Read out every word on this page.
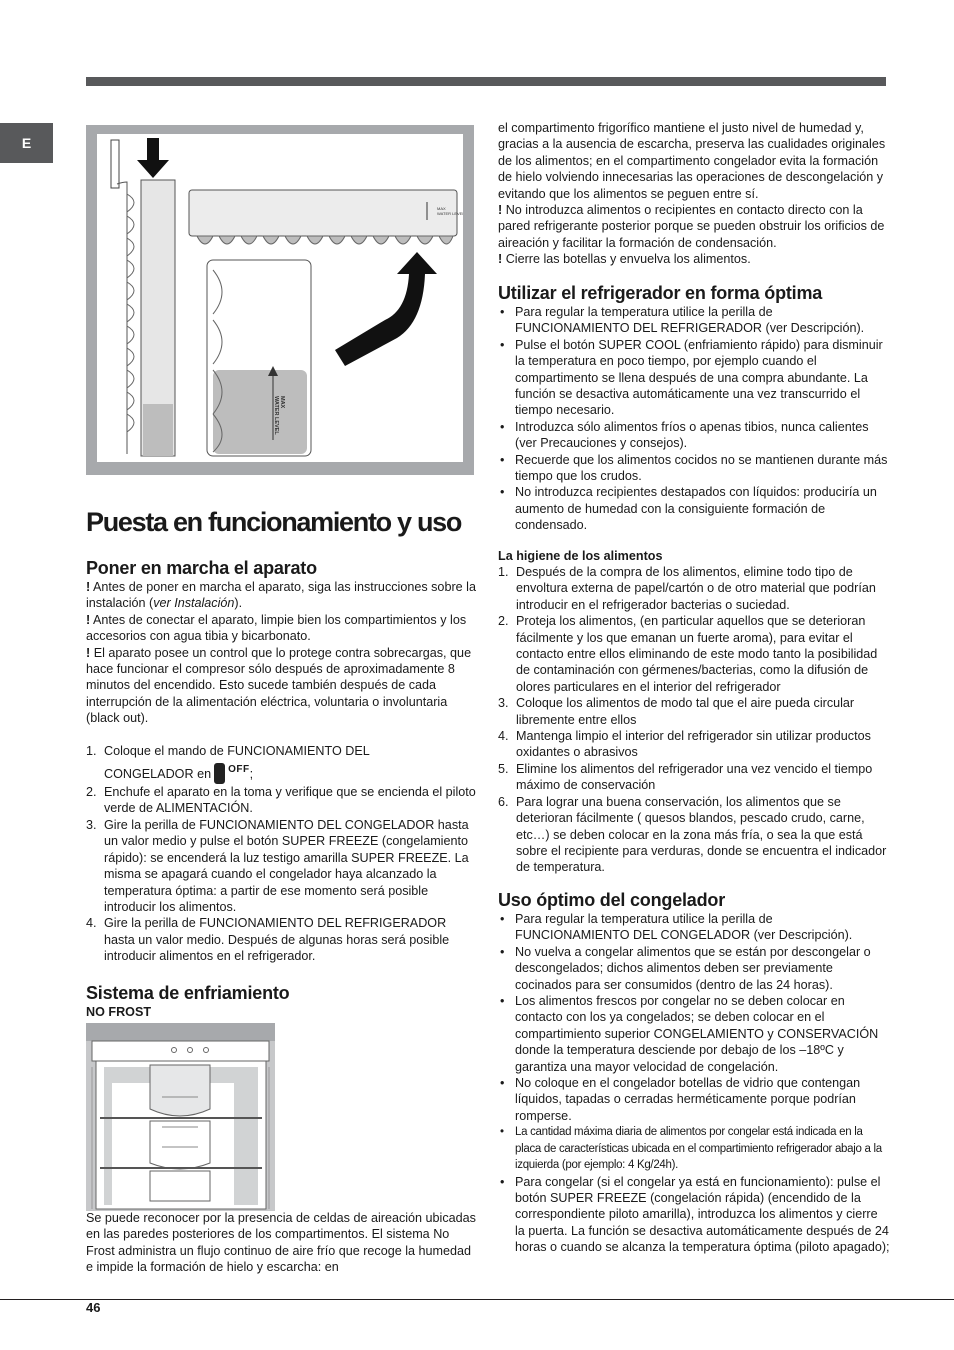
E
MAX
WATER LEVEL
MAX
WATER LEVEL
Puesta en funcionamiento y uso
Poner en marcha el aparato

! Antes de poner en marcha el aparato, siga las instrucciones sobre la instalación (ver Instalación).

! Antes de conectar el aparato, limpie bien los compartimientos y los accesorios con agua tibia y bicarbonato.

! El aparato posee un control que lo protege contra sobrecargas, que hace funcionar el compresor sólo después de aproximadamente 8 minutos del encendido. Esto sucede también después de cada interrupción de la alimentación eléctrica, voluntaria o involuntaria (black out).

1. Coloque el mando de FUNCIONAMIENTO DEL
CONGELADOR en $^{OFF}$;
2. Enchufe el aparato en la toma y verifique que se encienda el piloto verde de ALIMENTACIÓN.
3. Gire la perilla de FUNCIONAMIENTO DEL CONGELADOR hasta un valor medio y pulse el botón SUPER FREEZE (congelamiento rápido): se encenderá la luz testigo amarilla SUPER FREEZE. La misma se apagará cuando el congelador haya alcanzado la temperatura óptima: a partir de ese momento será posible introducir los alimentos.
4. Gire la perilla de FUNCIONAMIENTO DEL REFRIGERADOR hasta un valor medio. Después de algunas horas será posible introducir alimentos en el refrigerador.
Sistema de enfriamiento
NO FROST

Se puede reconocer por la presencia de celdas de aireación ubicadas en las paredes posteriores de los compartimentos. El sistema No Frost administra un flujo continuo de aire frío que recoge la humedad e impide la formación de hielo y escarcha: en

el compartimento frigorífico mantiene el justo nivel de humedad y, gracias a la ausencia de escarcha, preserva las cualidades originales de los alimentos; en el compartimento congelador evita la formación de hielo volviendo innecesarias las operaciones de descongelación y evitando que los alimentos se peguen entre sí.

! No introduzca alimentos o recipientes en contacto directo con la pared refrigerante posterior porque se pueden obstruir los orificios de aireación y facilitar la formación de condensación.

! Cierre las botellas y envuelva los alimentos.

Utilizar el refrigerador en forma óptima
• Para regular la temperatura utilice la perilla de FUNCIONAMIENTO DEL REFRIGERADOR (ver Descripción).
• Pulse el botón SUPER COOL (enfriamiento rápido) para disminuir la temperatura en poco tiempo, por ejemplo cuando el compartimento se llena después de una compra abundante. La función se desactiva automáticamente una vez transcurrido el tiempo necesario.
• Introduzca sólo alimentos fríos o apenas tibios, nunca calientes (ver Precauciones y consejos).
• Recuerde que los alimentos cocidos no se mantienen durante más tiempo que los crudos.
• No introduzca recipientes destapados con líquidos: produciría un aumento de humedad con la consiguiente formación de condensado.
La higiene de los alimentos
1. Después de la compra de los alimentos, elimine todo tipo de envoltura externa de papel/cartón o de otro material que podrían introducir en el refrigerador bacterias o suciedad.
2. Proteja los alimentos, (en particular aquellos que se deterioran fácilmente y los que emanan un fuerte aroma), para evitar el contacto entre ellos eliminando de este modo tanto la posibilidad de contaminación con gérmenes/bacterias, como la difusión de olores particulares en el interior del refrigerador
3. Coloque los alimentos de modo tal que el aire pueda circular libremente entre ellos
4. Mantenga limpio el interior del refrigerador sin utilizar productos oxidantes o abrasivos
5. Elimine los alimentos del refrigerador una vez vencido el tiempo máximo de conservación
6. Para lograr una buena conservación, los alimentos que se deterioran fácilmente ( quesos blandos, pescado crudo, carne, etc…) se deben colocar en la zona más fría, o sea la que está sobre el recipiente para verduras, donde se encuentra el indicador de temperatura.
Uso óptimo del congelador
• Para regular la temperatura utilice la perilla de FUNCIONAMIENTO DEL CONGELADOR (ver Descripción).
• No vuelva a congelar alimentos que se están por descongelar o descongelados; dichos alimentos deben ser previamente cocinados para ser consumidos (dentro de las 24 horas).
• Los alimentos frescos por congelar no se deben colocar en contacto con los ya congelados; se deben colocar en el compartimiento superior CONGELAMIENTO y CONSERVACIÓN donde la temperatura desciende por debajo de los –18ºC y garantiza una mayor velocidad de congelación.
• No coloque en el congelador botellas de vidrio que contengan líquidos, tapadas o cerradas herméticamente porque podrían romperse.
• La cantidad máxima diaria de alimentos por congelar está indicada en la placa de características ubicada en el compartimiento refrigerador abajo a la izquierda (por ejemplo: 4 Kg/24h).
• Para congelar (si el congelar ya está en funcionamiento): pulse el botón SUPER FREEZE (congelación rápida) (encendido de la correspondiente piloto amarilla), introduzca los alimentos y cierre la puerta. La función se desactiva automáticamente después de 24 horas o cuando se alcanza la temperatura óptima (piloto apagado);
46
